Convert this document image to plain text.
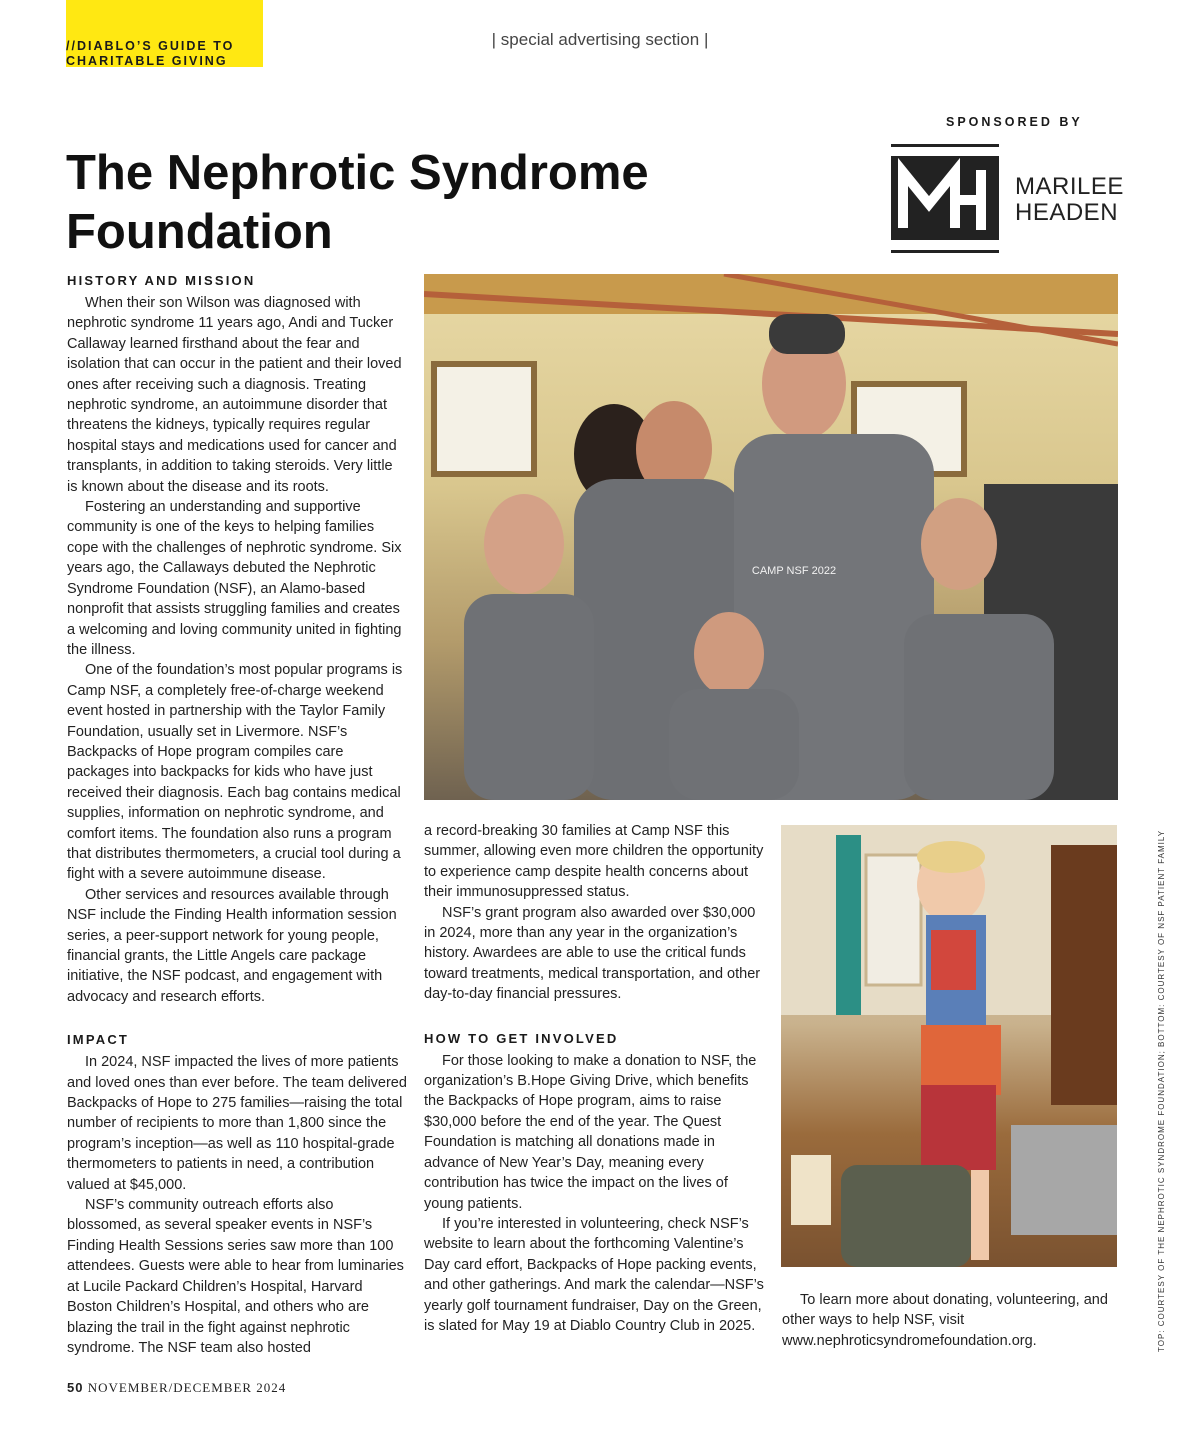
//DIABLO’S GUIDE TO CHARITABLE GIVING
| special advertising section |
SPONSORED BY
MARILEE
HEADEN
The Nephrotic Syndrome Foundation
CAMP NSF 2022
HISTORY AND MISSION

When their son Wilson was diagnosed with nephrotic syndrome 11 years ago, Andi and Tucker Callaway learned firsthand about the fear and isolation that can occur in the patient and their loved ones after receiving such a diagnosis. Treating nephrotic syndrome, an autoimmune disorder that threatens the kidneys, typically requires regular hospital stays and medications used for cancer and transplants, in addition to taking steroids. Very little is known about the disease and its roots.

Fostering an understanding and supportive community is one of the keys to helping families cope with the challenges of nephrotic syndrome. Six years ago, the Callaways debuted the Nephrotic Syndrome Foundation (NSF), an Alamo-based nonprofit that assists struggling families and creates a welcoming and loving community united in fighting the illness.

One of the foundation’s most popular programs is Camp NSF, a completely free-of-charge weekend event hosted in partnership with the Taylor Family Foundation, usually set in Livermore. NSF’s Backpacks of Hope program compiles care packages into backpacks for kids who have just received their diagnosis. Each bag contains medical supplies, information on nephrotic syndrome, and comfort items. The foundation also runs a program that distributes thermometers, a crucial tool during a fight with a severe autoimmune disease.

Other services and resources available through NSF include the Finding Health information session series, a peer-support network for young people, financial grants, the Little Angels care package initiative, the NSF podcast, and engagement with advocacy and research efforts.

IMPACT

In 2024, NSF impacted the lives of more patients and loved ones than ever before. The team delivered Backpacks of Hope to 275 families—raising the total number of recipients to more than 1,800 since the program’s inception—as well as 110 hospital-grade thermometers to patients in need, a contribution valued at $45,000.

NSF’s community outreach efforts also blossomed, as several speaker events in NSF’s Finding Health Sessions series saw more than 100 attendees. Guests were able to hear from luminaries at Lucile Packard Children’s Hospital, Harvard Boston Children’s Hospital, and others who are blazing the trail in the fight against nephrotic syndrome. The NSF team also hosted

a record-breaking 30 families at Camp NSF this summer, allowing even more children the opportunity to experience camp despite health concerns about their immunosuppressed status.

NSF’s grant program also awarded over $30,000 in 2024, more than any year in the organization’s history. Awardees are able to use the critical funds toward treatments, medical transportation, and other day-to-day financial pressures.

HOW TO GET INVOLVED

For those looking to make a donation to NSF, the organization’s B.Hope Giving Drive, which benefits the Backpacks of Hope program, aims to raise $30,000 before the end of the year. The Quest Foundation is matching all donations made in advance of New Year’s Day, meaning every contribution has twice the impact on the lives of young patients.

If you’re interested in volunteering, check NSF’s website to learn about the forthcoming Valentine’s Day card effort, Backpacks of Hope packing events, and other gatherings. And mark the calendar—NSF’s yearly golf tournament fundraiser, Day on the Green, is slated for May 19 at Diablo Country Club in 2025.

To learn more about donating, volunteering, and other ways to help NSF, visit www.nephroticsyndromefoundation.org.	TOP: COURTESY OF THE NEPHROTIC SYNDROME FOUNDATION; BOTTOM: COURTESY OF NSF PATIENT FAMILY
50 NOVEMBER/DECEMBER 2024
